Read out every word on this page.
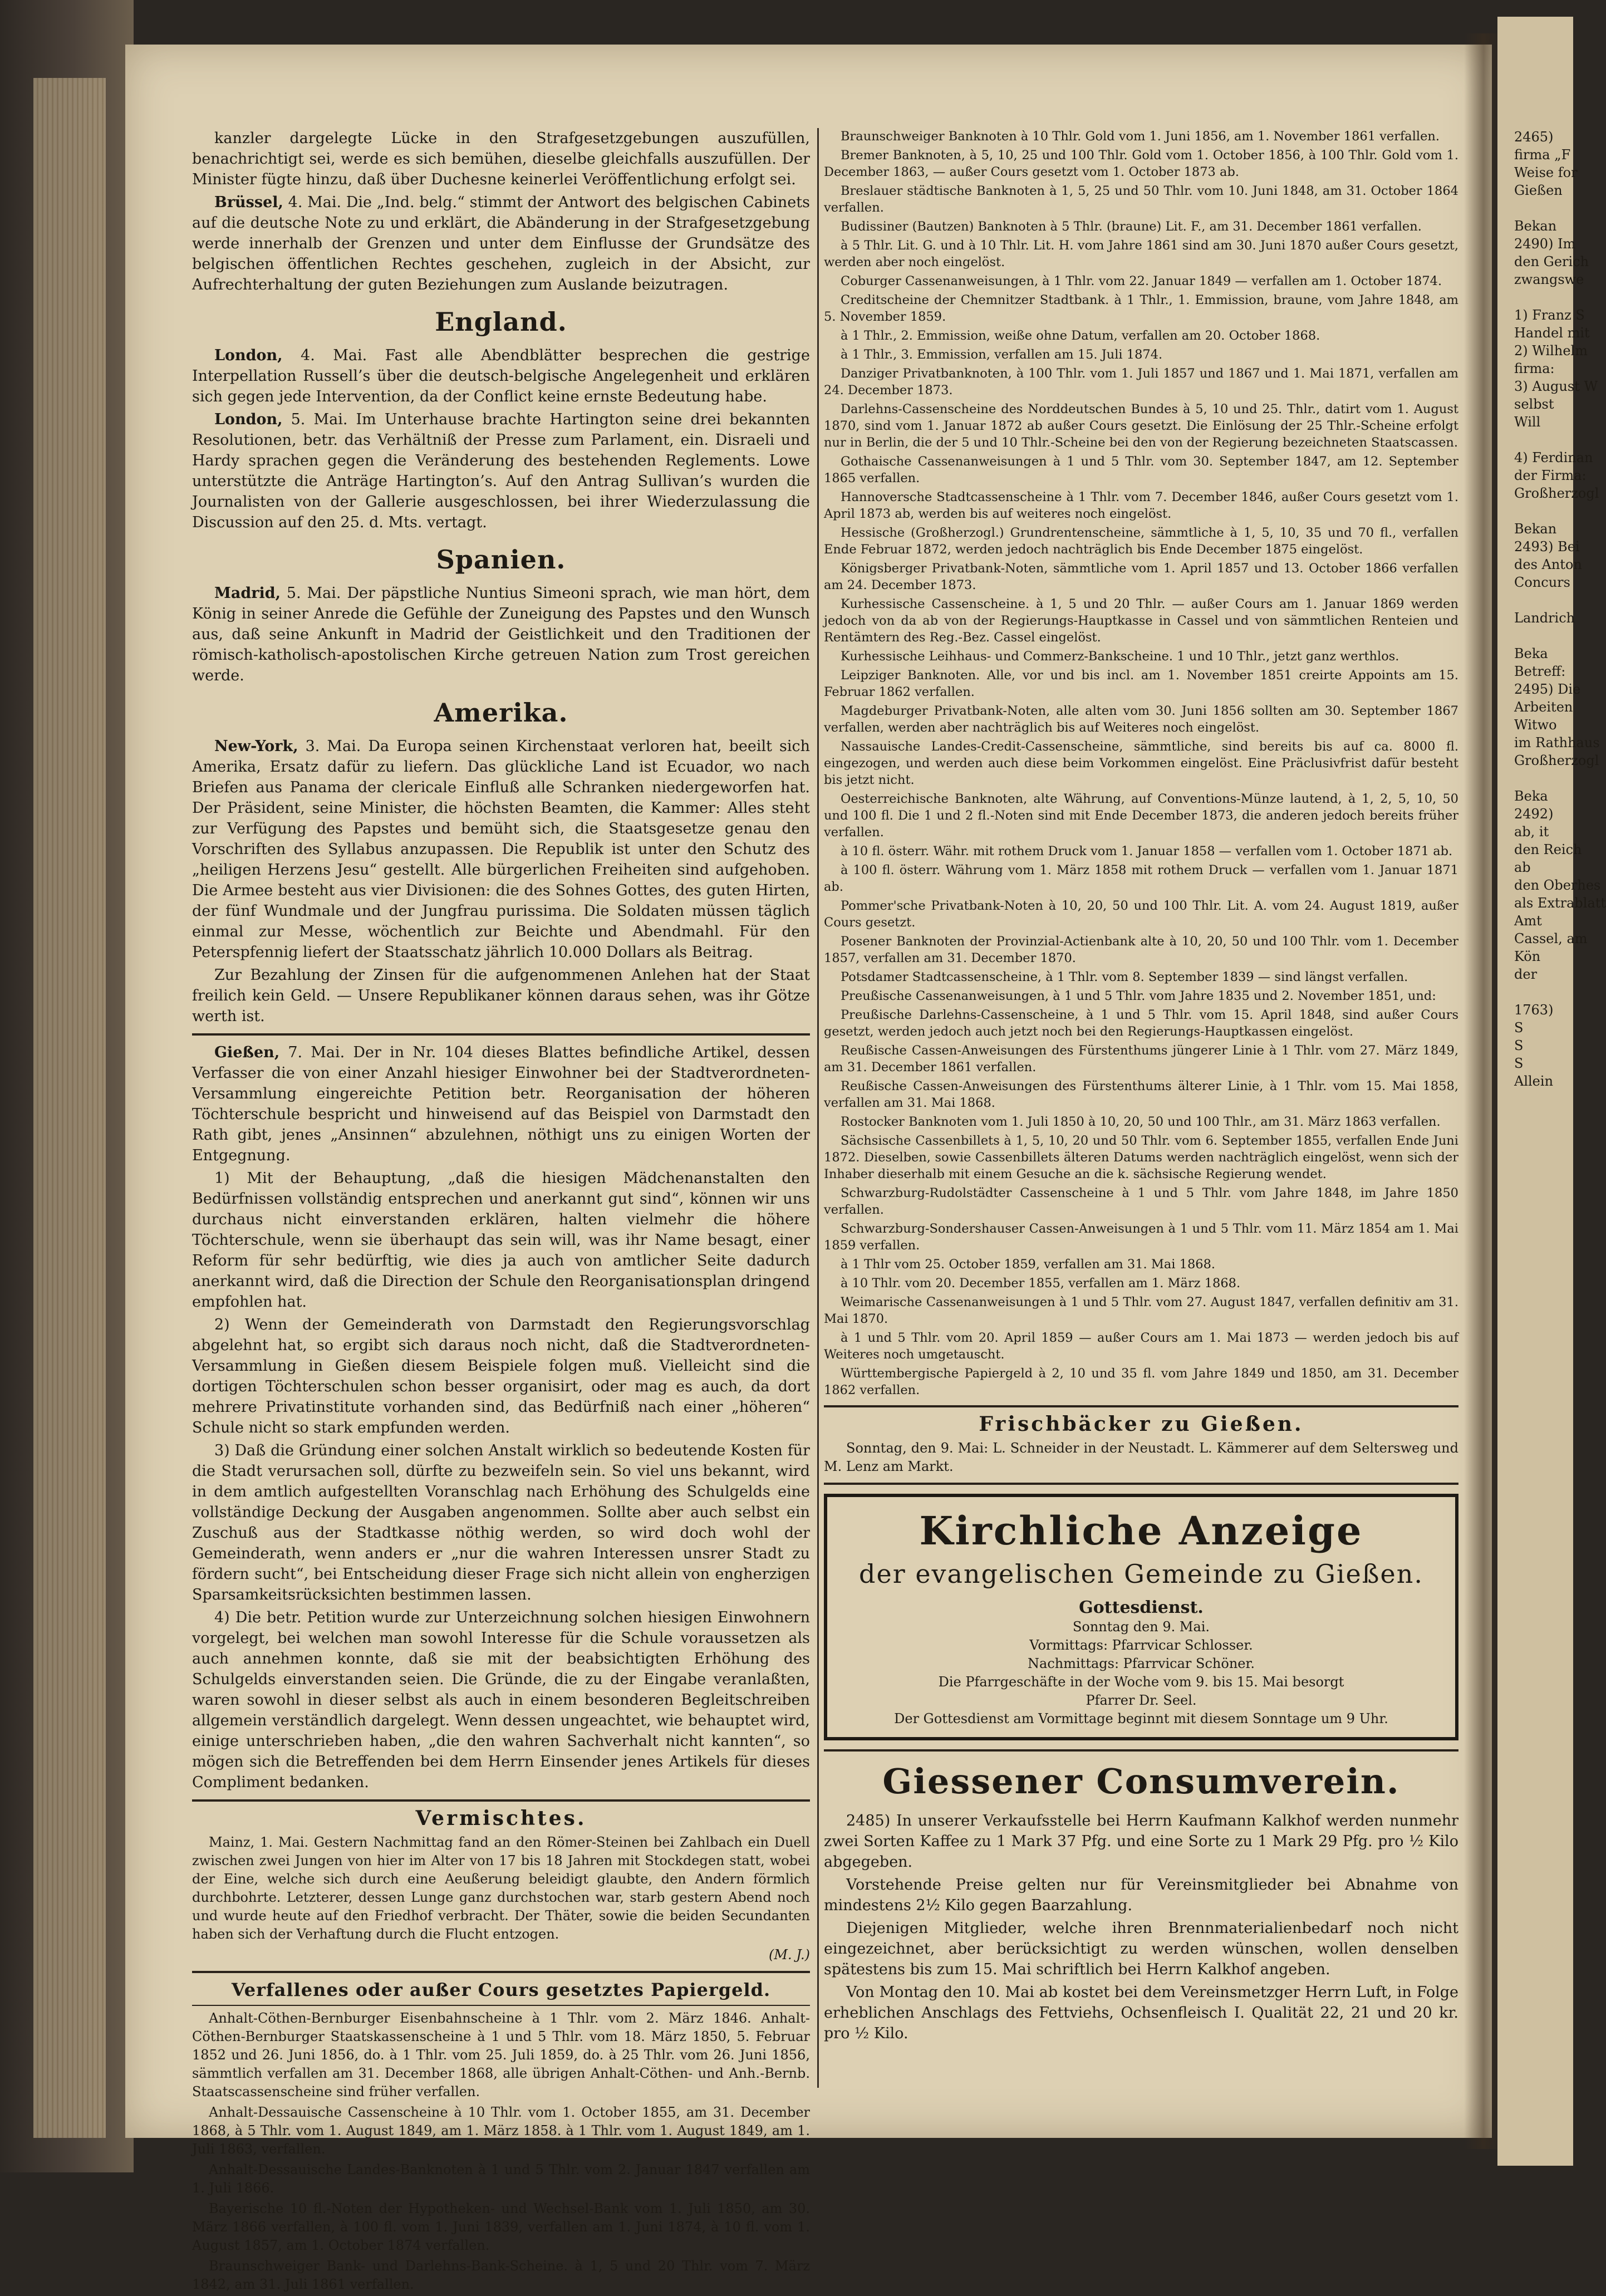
kanzler dargelegte Lücke in den Strafgesetzgebungen auszufüllen, benachrichtigt sei, werde es sich bemühen, dieselbe gleichfalls auszufüllen. Der Minister fügte hinzu, daß über Duchesne keinerlei Veröffentlichung erfolgt sei.

Brüssel, 4. Mai. Die „Ind. belg.“ stimmt der Antwort des belgischen Cabinets auf die deutsche Note zu und erklärt, die Abänderung in der Strafgesetzgebung werde innerhalb der Grenzen und unter dem Einflusse der Grundsätze des belgischen öffentlichen Rechtes geschehen, zugleich in der Absicht, zur Aufrechterhaltung der guten Beziehungen zum Auslande beizutragen.

England.

London, 4. Mai. Fast alle Abendblätter besprechen die gestrige Interpellation Russell’s über die deutsch-belgische Angelegenheit und erklären sich gegen jede Intervention, da der Conflict keine ernste Bedeutung habe.

London, 5. Mai. Im Unterhause brachte Hartington seine drei bekannten Resolutionen, betr. das Verhältniß der Presse zum Parlament, ein. Disraeli und Hardy sprachen gegen die Veränderung des bestehenden Reglements. Lowe unterstützte die Anträge Hartington’s. Auf den Antrag Sullivan’s wurden die Journalisten von der Gallerie ausgeschlossen, bei ihrer Wiederzulassung die Discussion auf den 25. d. Mts. vertagt.

Spanien.

Madrid, 5. Mai. Der päpstliche Nuntius Simeoni sprach, wie man hört, dem König in seiner Anrede die Gefühle der Zuneigung des Papstes und den Wunsch aus, daß seine Ankunft in Madrid der Geistlichkeit und den Traditionen der römisch-katholisch-apostolischen Kirche getreuen Nation zum Trost gereichen werde.

Amerika.

New-York, 3. Mai. Da Europa seinen Kirchenstaat verloren hat, beeilt sich Amerika, Ersatz dafür zu liefern. Das glückliche Land ist Ecuador, wo nach Briefen aus Panama der clericale Einfluß alle Schranken niedergeworfen hat. Der Präsident, seine Minister, die höchsten Beamten, die Kammer: Alles steht zur Verfügung des Papstes und bemüht sich, die Staatsgesetze genau den Vorschriften des Syllabus anzupassen. Die Republik ist unter den Schutz des „heiligen Herzens Jesu“ gestellt. Alle bürgerlichen Freiheiten sind aufgehoben. Die Armee besteht aus vier Divisionen: die des Sohnes Gottes, des guten Hirten, der fünf Wundmale und der Jungfrau purissima. Die Soldaten müssen täglich einmal zur Messe, wöchentlich zur Beichte und Abendmahl. Für den Peterspfennig liefert der Staatsschatz jährlich 10.000 Dollars als Beitrag.

Zur Bezahlung der Zinsen für die aufgenommenen Anlehen hat der Staat freilich kein Geld. — Unsere Republikaner können daraus sehen, was ihr Götze werth ist.

Gießen, 7. Mai. Der in Nr. 104 dieses Blattes befindliche Artikel, dessen Verfasser die von einer Anzahl hiesiger Einwohner bei der Stadtverordneten-Versammlung eingereichte Petition betr. Reorganisation der höheren Töchterschule bespricht und hinweisend auf das Beispiel von Darmstadt den Rath gibt, jenes „Ansinnen“ abzulehnen, nöthigt uns zu einigen Worten der Entgegnung.

1) Mit der Behauptung, „daß die hiesigen Mädchenanstalten den Bedürfnissen vollständig entsprechen und anerkannt gut sind“, können wir uns durchaus nicht einverstanden erklären, halten vielmehr die höhere Töchterschule, wenn sie überhaupt das sein will, was ihr Name besagt, einer Reform für sehr bedürftig, wie dies ja auch von amtlicher Seite dadurch anerkannt wird, daß die Direction der Schule den Reorganisationsplan dringend empfohlen hat.

2) Wenn der Gemeinderath von Darmstadt den Regierungsvorschlag abgelehnt hat, so ergibt sich daraus noch nicht, daß die Stadtverordneten-Versammlung in Gießen diesem Beispiele folgen muß. Vielleicht sind die dortigen Töchterschulen schon besser organisirt, oder mag es auch, da dort mehrere Privatinstitute vorhanden sind, das Bedürfniß nach einer „höheren“ Schule nicht so stark empfunden werden.

3) Daß die Gründung einer solchen Anstalt wirklich so bedeutende Kosten für die Stadt verursachen soll, dürfte zu bezweifeln sein. So viel uns bekannt, wird in dem amtlich aufgestellten Voranschlag nach Erhöhung des Schulgelds eine vollständige Deckung der Ausgaben angenommen. Sollte aber auch selbst ein Zuschuß aus der Stadtkasse nöthig werden, so wird doch wohl der Gemeinderath, wenn anders er „nur die wahren Interessen unsrer Stadt zu fördern sucht“, bei Entscheidung dieser Frage sich nicht allein von engherzigen Sparsamkeitsrücksichten bestimmen lassen.

4) Die betr. Petition wurde zur Unterzeichnung solchen hiesigen Einwohnern vorgelegt, bei welchen man sowohl Interesse für die Schule voraussetzen als auch annehmen konnte, daß sie mit der beabsichtigten Erhöhung des Schulgelds einverstanden seien. Die Gründe, die zu der Eingabe veranlaßten, waren sowohl in dieser selbst als auch in einem besonderen Begleitschreiben allgemein verständlich dargelegt. Wenn dessen ungeachtet, wie behauptet wird, einige unterschrieben haben, „die den wahren Sachverhalt nicht kannten“, so mögen sich die Betreffenden bei dem Herrn Einsender jenes Artikels für dieses Compliment bedanken.

Vermischtes.

Mainz, 1. Mai. Gestern Nachmittag fand an den Römer-Steinen bei Zahlbach ein Duell zwischen zwei Jungen von hier im Alter von 17 bis 18 Jahren mit Stockdegen statt, wobei der Eine, welche sich durch eine Aeußerung beleidigt glaubte, den Andern förmlich durchbohrte. Letzterer, dessen Lunge ganz durchstochen war, starb gestern Abend noch und wurde heute auf den Friedhof verbracht. Der Thäter, sowie die beiden Secundanten haben sich der Verhaftung durch die Flucht entzogen.

(M. J.)
Verfallenes oder außer Cours gesetztes Papiergeld.

Anhalt-Cöthen-Bernburger Eisenbahnscheine à 1 Thlr. vom 2. März 1846. Anhalt-Cöthen-Bernburger Staatskassenscheine à 1 und 5 Thlr. vom 18. März 1850, 5. Februar 1852 und 26. Juni 1856, do. à 1 Thlr. vom 25. Juli 1859, do. à 25 Thlr. vom 26. Juni 1856, sämmtlich verfallen am 31. December 1868, alle übrigen Anhalt-Cöthen- und Anh.-Bernb. Staatscassenscheine sind früher verfallen.

Anhalt-Dessauische Cassenscheine à 10 Thlr. vom 1. October 1855, am 31. December 1868, à 5 Thlr. vom 1. August 1849, am 1. März 1858. à 1 Thlr. vom 1. August 1849, am 1. Juli 1863, verfallen.

Anhalt-Dessauische Landes-Banknoten à 1 und 5 Thlr. vom 2. Januar 1847 verfallen am 1. Juli 1866.

Bayerische 10 fl.-Noten der Hypotheken- und Wechsel-Bank vom 1. Juli 1850, am 30. März 1866 verfallen, à 100 fl. vom 1. Juni 1839, verfallen am 1. Juni 1874, à 10 fl. vom 1. August 1857, am 1. October 1874 verfallen.

Braunschweiger Bank- und Darlehns-Bank-Scheine. à 1, 5 und 20 Thlr. vom 7. März 1842, am 31. Juli 1861 verfallen.

Braunschweiger Banknoten à 10 Thlr. Gold vom 1. Juni 1856, am 1. November 1861 verfallen.

Bremer Banknoten, à 5, 10, 25 und 100 Thlr. Gold vom 1. October 1856, à 100 Thlr. Gold vom 1. December 1863, — außer Cours gesetzt vom 1. October 1873 ab.

Breslauer städtische Banknoten à 1, 5, 25 und 50 Thlr. vom 10. Juni 1848, am 31. October 1864 verfallen.

Budissiner (Bautzen) Banknoten à 5 Thlr. (braune) Lit. F., am 31. December 1861 verfallen.

à 5 Thlr. Lit. G. und à 10 Thlr. Lit. H. vom Jahre 1861 sind am 30. Juni 1870 außer Cours gesetzt, werden aber noch eingelöst.

Coburger Cassenanweisungen, à 1 Thlr. vom 22. Januar 1849 — verfallen am 1. October 1874.

Creditscheine der Chemnitzer Stadtbank. à 1 Thlr., 1. Emmission, braune, vom Jahre 1848, am 5. November 1859.

à 1 Thlr., 2. Emmission, weiße ohne Datum, verfallen am 20. October 1868.

à 1 Thlr., 3. Emmission, verfallen am 15. Juli 1874.

Danziger Privatbanknoten, à 100 Thlr. vom 1. Juli 1857 und 1867 und 1. Mai 1871, verfallen am 24. December 1873.

Darlehns-Cassenscheine des Norddeutschen Bundes à 5, 10 und 25. Thlr., datirt vom 1. August 1870, sind vom 1. Januar 1872 ab außer Cours gesetzt. Die Einlösung der 25 Thlr.-Scheine erfolgt nur in Berlin, die der 5 und 10 Thlr.-Scheine bei den von der Regierung bezeichneten Staatscassen.

Gothaische Cassenanweisungen à 1 und 5 Thlr. vom 30. September 1847, am 12. September 1865 verfallen.

Hannoversche Stadtcassenscheine à 1 Thlr. vom 7. December 1846, außer Cours gesetzt vom 1. April 1873 ab, werden bis auf weiteres noch eingelöst.

Hessische (Großherzogl.) Grundrentenscheine, sämmtliche à 1, 5, 10, 35 und 70 fl., verfallen Ende Februar 1872, werden jedoch nachträglich bis Ende December 1875 eingelöst.

Königsberger Privatbank-Noten, sämmtliche vom 1. April 1857 und 13. October 1866 verfallen am 24. December 1873.

Kurhessische Cassenscheine. à 1, 5 und 20 Thlr. — außer Cours am 1. Januar 1869 werden jedoch von da ab von der Regierungs-Hauptkasse in Cassel und von sämmtlichen Renteien und Rentämtern des Reg.-Bez. Cassel eingelöst.

Kurhessische Leihhaus- und Commerz-Bankscheine. 1 und 10 Thlr., jetzt ganz werthlos.

Leipziger Banknoten. Alle, vor und bis incl. am 1. November 1851 creirte Appoints am 15. Februar 1862 verfallen.

Magdeburger Privatbank-Noten, alle alten vom 30. Juni 1856 sollten am 30. September 1867 verfallen, werden aber nachträglich bis auf Weiteres noch eingelöst.

Nassauische Landes-Credit-Cassenscheine, sämmtliche, sind bereits bis auf ca. 8000 fl. eingezogen, und werden auch diese beim Vorkommen eingelöst. Eine Präclusivfrist dafür besteht bis jetzt nicht.

Oesterreichische Banknoten, alte Währung, auf Conventions-Münze lautend, à 1, 2, 5, 10, 50 und 100 fl. Die 1 und 2 fl.-Noten sind mit Ende December 1873, die anderen jedoch bereits früher verfallen.

à 10 fl. österr. Währ. mit rothem Druck vom 1. Januar 1858 — verfallen vom 1. October 1871 ab.

à 100 fl. österr. Währung vom 1. März 1858 mit rothem Druck — verfallen vom 1. Januar 1871 ab.

Pommer'sche Privatbank-Noten à 10, 20, 50 und 100 Thlr. Lit. A. vom 24. August 1819, außer Cours gesetzt.

Posener Banknoten der Provinzial-Actienbank alte à 10, 20, 50 und 100 Thlr. vom 1. December 1857, verfallen am 31. December 1870.

Potsdamer Stadtcassenscheine, à 1 Thlr. vom 8. September 1839 — sind längst verfallen.

Preußische Cassenanweisungen, à 1 und 5 Thlr. vom Jahre 1835 und 2. November 1851, und:

Preußische Darlehns-Cassenscheine, à 1 und 5 Thlr. vom 15. April 1848, sind außer Cours gesetzt, werden jedoch auch jetzt noch bei den Regierungs-Hauptkassen eingelöst.

Reußische Cassen-Anweisungen des Fürstenthums jüngerer Linie à 1 Thlr. vom 27. März 1849, am 31. December 1861 verfallen.

Reußische Cassen-Anweisungen des Fürstenthums älterer Linie, à 1 Thlr. vom 15. Mai 1858, verfallen am 31. Mai 1868.

Rostocker Banknoten vom 1. Juli 1850 à 10, 20, 50 und 100 Thlr., am 31. März 1863 verfallen.

Sächsische Cassenbillets à 1, 5, 10, 20 und 50 Thlr. vom 6. September 1855, verfallen Ende Juni 1872. Dieselben, sowie Cassenbillets älteren Datums werden nachträglich eingelöst, wenn sich der Inhaber dieserhalb mit einem Gesuche an die k. sächsische Regierung wendet.

Schwarzburg-Rudolstädter Cassenscheine à 1 und 5 Thlr. vom Jahre 1848, im Jahre 1850 verfallen.

Schwarzburg-Sondershauser Cassen-Anweisungen à 1 und 5 Thlr. vom 11. März 1854 am 1. Mai 1859 verfallen.

à 1 Thlr vom 25. October 1859, verfallen am 31. Mai 1868.

à 10 Thlr. vom 20. December 1855, verfallen am 1. März 1868.

Weimarische Cassenanweisungen à 1 und 5 Thlr. vom 27. August 1847, verfallen definitiv am 31. Mai 1870.

à 1 und 5 Thlr. vom 20. April 1859 — außer Cours am 1. Mai 1873 — werden jedoch bis auf Weiteres noch umgetauscht.

Württembergische Papiergeld à 2, 10 und 35 fl. vom Jahre 1849 und 1850, am 31. December 1862 verfallen.

Frischbäcker zu Gießen.

Sonntag, den 9. Mai: L. Schneider in der Neustadt. L. Kämmerer auf dem Seltersweg und M. Lenz am Markt.

Kirchliche Anzeige
der evangelischen Gemeinde zu Gießen.
Gottesdienst.
Sonntag den 9. Mai.
Vormittags: Pfarrvicar Schlosser.
Nachmittags: Pfarrvicar Schöner.
Die Pfarrgeschäfte in der Woche vom 9. bis 15. Mai besorgt
Pfarrer Dr. Seel.
Der Gottesdienst am Vormittage beginnt mit diesem Sonntage um 9 Uhr.
Giessener Consumverein.

2485) In unserer Verkaufsstelle bei Herrn Kaufmann Kalkhof werden nunmehr zwei Sorten Kaffee zu 1 Mark 37 Pfg. und eine Sorte zu 1 Mark 29 Pfg. pro ½ Kilo abgegeben.

Vorstehende Preise gelten nur für Vereinsmitglieder bei Abnahme von mindestens 2½ Kilo gegen Baarzahlung.

Diejenigen Mitglieder, welche ihren Brennmaterialienbedarf noch nicht eingezeichnet, aber berücksichtigt zu werden wünschen, wollen denselben spätestens bis zum 15. Mai schriftlich bei Herrn Kalkhof angeben.

Von Montag den 10. Mai ab kostet bei dem Vereinsmetzger Herrn Luft, in Folge erheblichen Anschlags des Fettviehs, Ochsenfleisch I. Qualität 22, 21 und 20 kr. pro ½ Kilo.

2465)
firma „F
Weise for
Gießen

Bekan
2490) Im
den Gerich
zwangswe

1) Franz S
Handel mit
2) Wilhelm
firma:
3) August W
selbst
Will

4) Ferdinan
der Firma:
Großherzogl

Bekan
2493) Bei
des Anton
Concurs

Landrich

Beka
Betreff:
2495) Die
Arbeiten
Witwo
im Rathhaus
Großherzogl

Beka
2492)
ab, it
den Reich
ab
den Oberhes
als Extrablatt
Amt
Cassel, am
Kön
der

1763)
S
S
S
Allein
